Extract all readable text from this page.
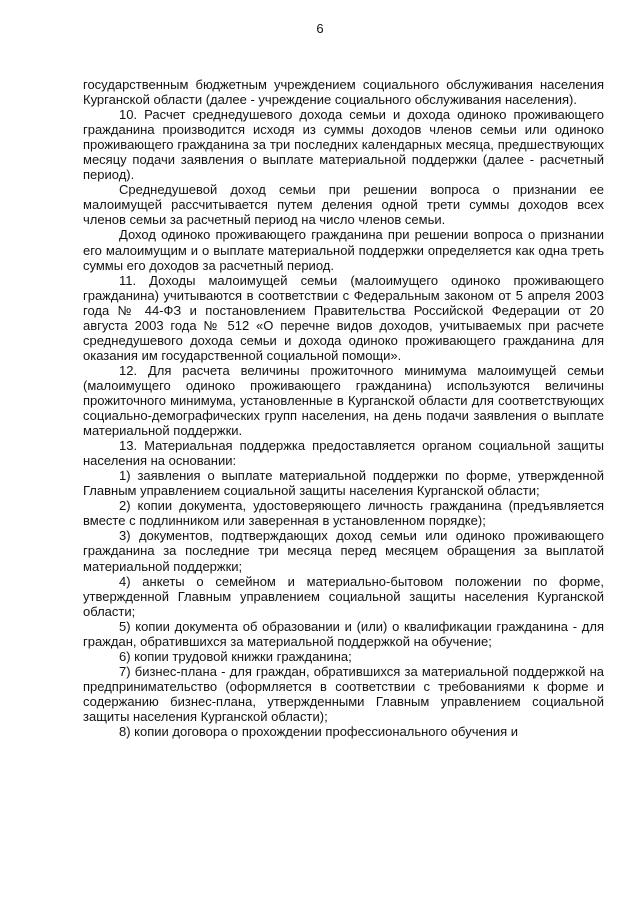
6

государственным бюджетным учреждением социального обслуживания населения Курганской области (далее - учреждение социального обслуживания населения).

10. Расчет среднедушевого дохода семьи и дохода одиноко проживающего гражданина производится исходя из суммы доходов членов семьи или одиноко проживающего гражданина за три последних календарных месяца, предшествующих месяцу подачи заявления о выплате материальной поддержки (далее - расчетный период).

Среднедушевой доход семьи при решении вопроса о признании ее малоимущей рассчитывается путем деления одной трети суммы доходов всех членов семьи за расчетный период на число членов семьи.

Доход одиноко проживающего гражданина при решении вопроса о признании его малоимущим и о выплате материальной поддержки определяется как одна треть суммы его доходов за расчетный период.

11. Доходы малоимущей семьи (малоимущего одиноко проживающего гражданина) учитываются в соответствии с Федеральным законом от 5 апреля 2003 года № 44-ФЗ и постановлением Правительства Российской Федерации от 20 августа 2003 года № 512 «О перечне видов доходов, учитываемых при расчете среднедушевого дохода семьи и дохода одиноко проживающего гражданина для оказания им государственной социальной помощи».

12. Для расчета величины прожиточного минимума малоимущей семьи (малоимущего одиноко проживающего гражданина) используются величины прожиточного минимума, установленные в Курганской области для соответствующих социально-демографических групп населения, на день подачи заявления о выплате материальной поддержки.

13. Материальная поддержка предоставляется органом социальной защиты населения на основании:

1) заявления о выплате материальной поддержки по форме, утвержденной Главным управлением социальной защиты населения Курганской области;

2) копии документа, удостоверяющего личность гражданина (предъявляется вместе с подлинником или заверенная в установленном порядке);

3) документов, подтверждающих доход семьи или одиноко проживающего гражданина за последние три месяца перед месяцем обращения за выплатой материальной поддержки;

4) анкеты о семейном и материально-бытовом положении по форме, утвержденной Главным управлением социальной защиты населения Курганской области;

5) копии документа об образовании и (или) о квалификации гражданина - для граждан, обратившихся за материальной поддержкой на обучение;

6) копии трудовой книжки гражданина;

7) бизнес-плана - для граждан, обратившихся за материальной поддержкой на предпринимательство (оформляется в соответствии с требованиями к форме и содержанию бизнес-плана, утвержденными Главным управлением социальной защиты населения Курганской области);

8) копии договора о прохождении профессионального обучения и
